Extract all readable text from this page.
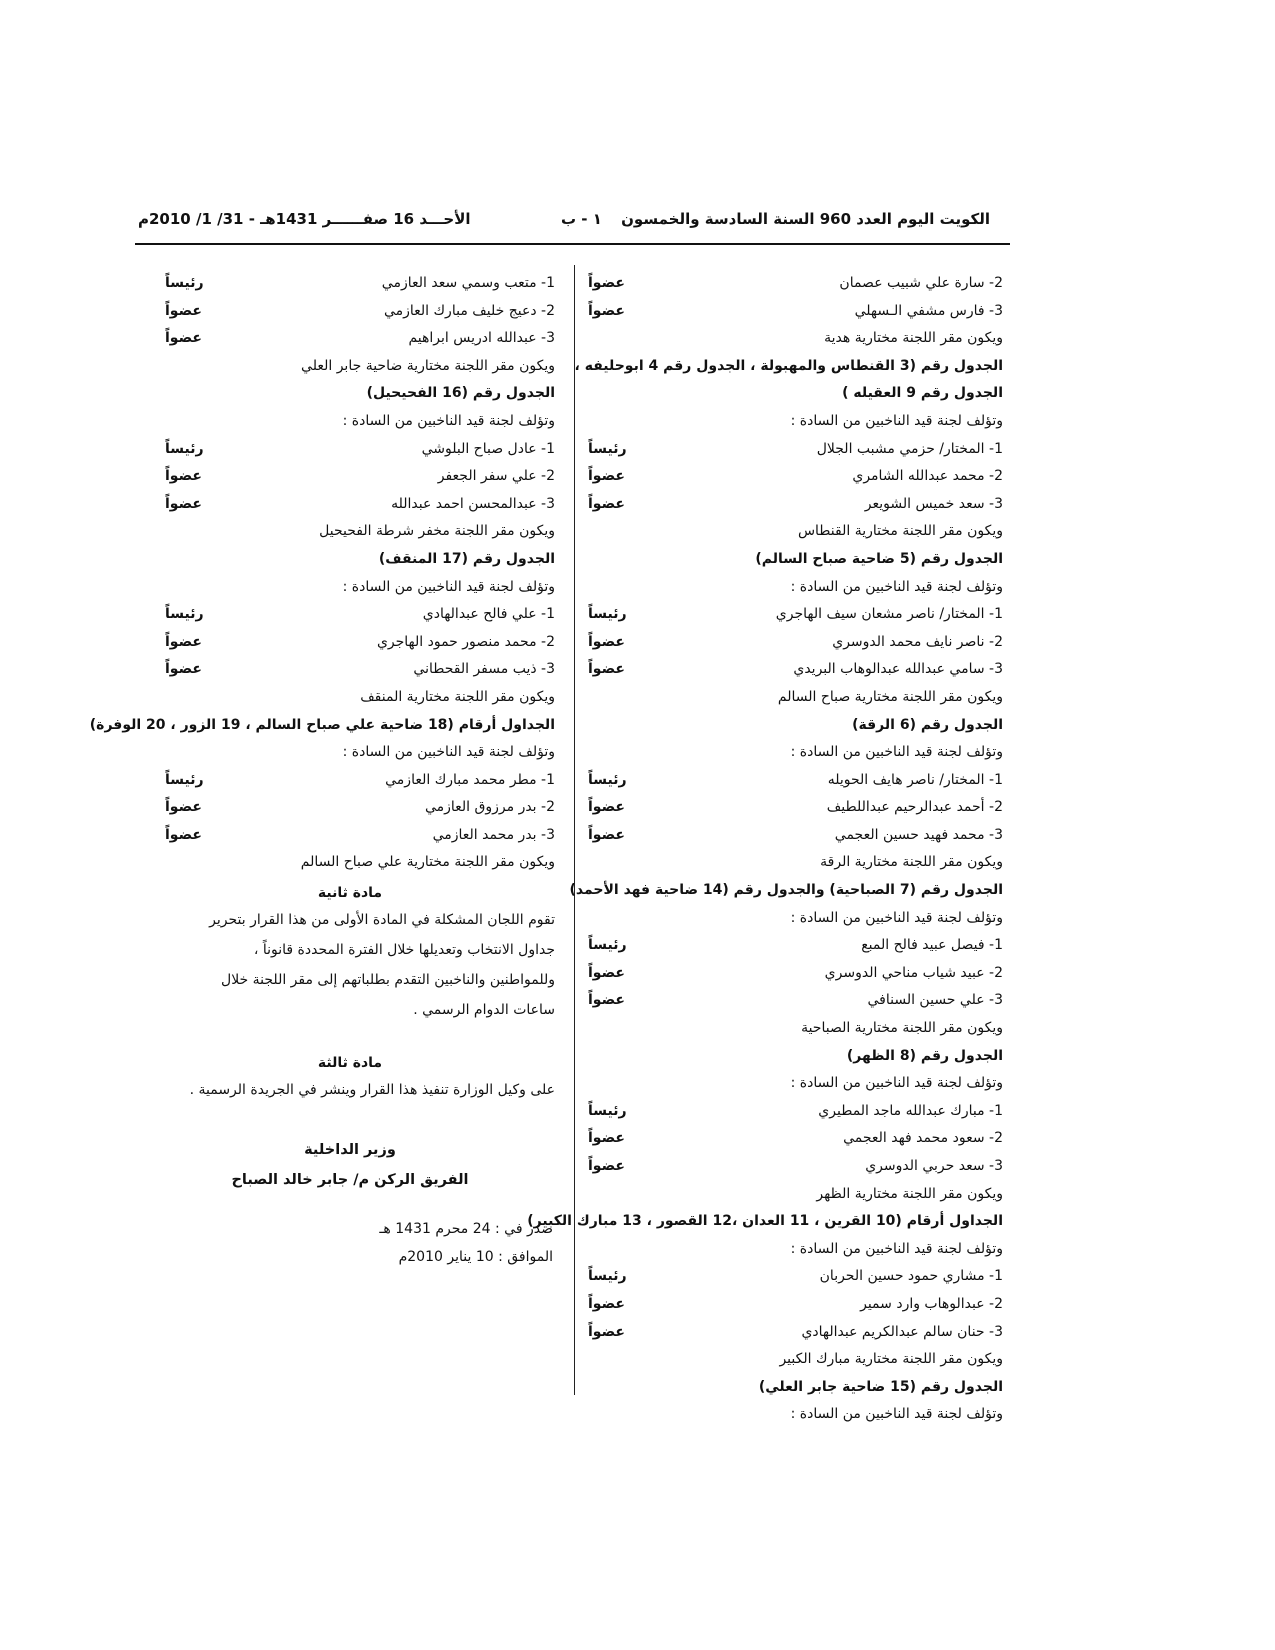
الكويت اليوم العدد 960 السنة السادسة والخمسون ١ - ب
الأحـــد 16 صفــــــر 1431هـ - 31/ 1/ 2010م
2- سارة علي شبيب عصمان
عضواً
3- فارس مشفي الـسهلي
عضواً
ويكون مقر اللجنة مختارية هدية
الجدول رقم (3 القنطاس والمهبولة ، الجدول رقم 4 ابوحليفه ،
الجدول رقم 9 العقيله )
وتؤلف لجنة قيد الناخبين من السادة :
1- المختار/ حزمي مشبب الجلال
رئيساً
2- محمد عبدالله الشامري
عضواً
3- سعد خميس الشويعر
عضواً
ويكون مقر اللجنة مختارية القنطاس
الجدول رقم (5 ضاحية صباح السالم)
وتؤلف لجنة قيد الناخبين من السادة :
1- المختار/ ناصر مشعان سيف الهاجري
رئيساً
2- ناصر نايف محمد الدوسري
عضواً
3- سامي عبدالله عبدالوهاب البريدي
عضواً
ويكون مقر اللجنة مختارية صباح السالم
الجدول رقم (6 الرقة)
وتؤلف لجنة قيد الناخبين من السادة :
1- المختار/ ناصر هايف الحويله
رئيساً
2- أحمد عبدالرحيم عبداللطيف
عضواً
3- محمد فهيد حسين العجمي
عضواً
ويكون مقر اللجنة مختارية الرقة
الجدول رقم (7 الصباحية) والجدول رقم (14 ضاحية فهد الأحمد)
وتؤلف لجنة قيد الناخبين من السادة :
1- فيصل عبيد فالح المبع
رئيساً
2- عبيد شياب مناحي الدوسري
عضواً
3- علي حسين السنافي
عضواً
ويكون مقر اللجنة مختارية الصباحية
الجدول رقم (8 الظهر)
وتؤلف لجنة قيد الناخبين من السادة :
1- مبارك عبدالله ماجد المطيري
رئيساً
2- سعود محمد فهد العجمي
عضواً
3- سعد حربي الدوسري
عضواً
ويكون مقر اللجنة مختارية الظهر
الجداول أرقام (10 القرين ، 11 العدان ،12 القصور ، 13 مبارك الكبير)
وتؤلف لجنة قيد الناخبين من السادة :
1- مشاري حمود حسين الحربان
رئيساً
2- عبدالوهاب وارد سمير
عضواً
3- حنان سالم عبدالكريم عبدالهادي
عضواً
ويكون مقر اللجنة مختارية مبارك الكبير
الجدول رقم (15 ضاحية جابر العلي)
وتؤلف لجنة قيد الناخبين من السادة :
1- متعب وسمي سعد العازمي
رئيساً
2- دعيج خليف مبارك العازمي
عضواً
3- عبدالله ادريس ابراهيم
عضواً
ويكون مقر اللجنة مختارية ضاحية جابر العلي
الجدول رقم (16 الفحيحيل)
وتؤلف لجنة قيد الناخبين من السادة :
1- عادل صباح البلوشي
رئيساً
2- علي سفر الجعفر
عضواً
3- عبدالمحسن احمد عبدالله
عضواً
ويكون مقر اللجنة مخفر شرطة الفحيحيل
الجدول رقم (17 المنقف)
وتؤلف لجنة قيد الناخبين من السادة :
1- علي فالح عبدالهادي
رئيساً
2- محمد منصور حمود الهاجري
عضواً
3- ذيب مسفر القحطاني
عضواً
ويكون مقر اللجنة مختارية المنقف
الجداول أرقام (18 ضاحية علي صباح السالم ، 19 الزور ، 20 الوفرة)
وتؤلف لجنة قيد الناخبين من السادة :
1- مطر محمد مبارك العازمي
رئيساً
2- بدر مرزوق العازمي
عضواً
3- بدر محمد العازمي
عضواً
ويكون مقر اللجنة مختارية علي صباح السالم
مادة ثانية
تقوم اللجان المشكلة في المادة الأولى من هذا القرار بتحرير
جداول الانتخاب وتعديلها خلال الفترة المحددة قانوناً ،
وللمواطنين والناخبين التقدم بطلباتهم إلى مقر اللجنة خلال
ساعات الدوام الرسمي .
مادة ثالثة
على وكيل الوزارة تنفيذ هذا القرار وينشر في الجريدة الرسمية .
وزير الداخلية
الفريق الركن م/ جابر خالد الصباح
صدر في : 24 محرم 1431 هـ
الموافق : 10 يناير 2010م
